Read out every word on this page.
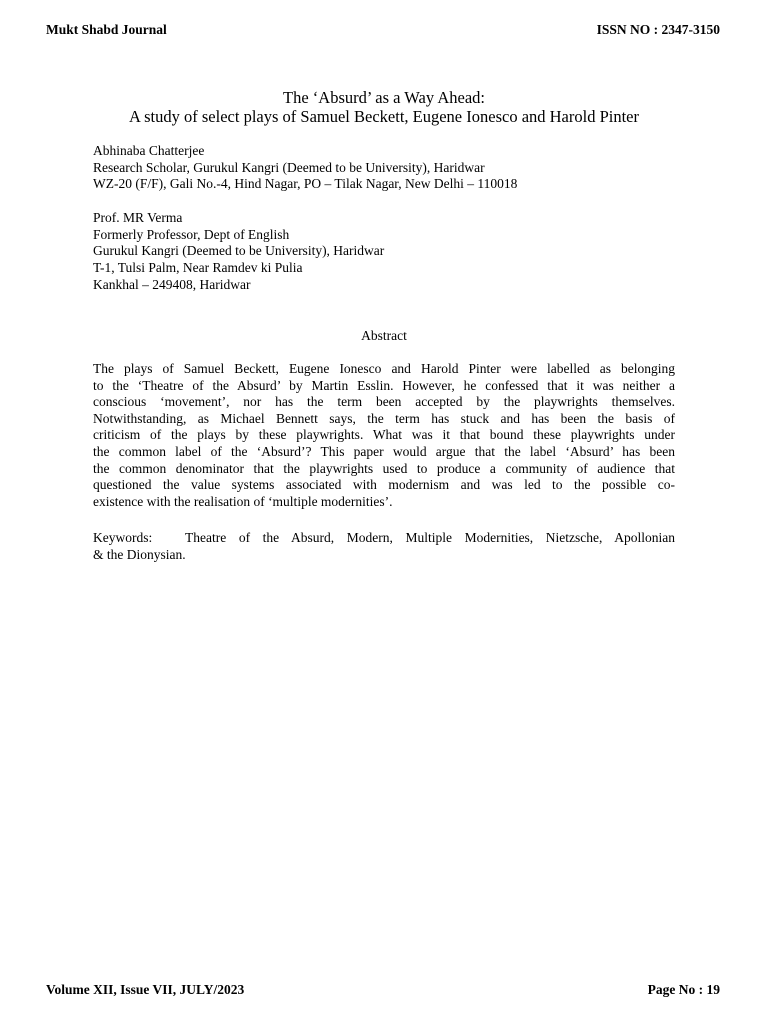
Mukt Shabd Journal	ISSN NO : 2347-3150
The ‘Absurd’ as a Way Ahead:
A study of select plays of Samuel Beckett, Eugene Ionesco and Harold Pinter
Abhinaba Chatterjee
Research Scholar, Gurukul Kangri (Deemed to be University), Haridwar
WZ-20 (F/F), Gali No.-4, Hind Nagar, PO – Tilak Nagar, New Delhi – 110018
Prof. MR Verma
Formerly Professor, Dept of English
Gurukul Kangri (Deemed to be University), Haridwar
T-1, Tulsi Palm, Near Ramdev ki Pulia
Kankhal – 249408, Haridwar
Abstract
The plays of Samuel Beckett, Eugene Ionesco and Harold Pinter were labelled as belonging
to the ‘Theatre of the Absurd’ by Martin Esslin. However, he confessed that it was neither a
conscious ‘movement’, nor has the term been accepted by the playwrights themselves.
Notwithstanding, as Michael Bennett says, the term has stuck and has been the basis of
criticism of the plays by these playwrights. What was it that bound these playwrights under
the common label of the ‘Absurd’? This paper would argue that the label ‘Absurd’ has been
the common denominator that the playwrights used to produce a community of audience that
questioned the value systems associated with modernism and was led to the possible co-
existence with the realisation of ‘multiple modernities’.
Keywords: Theatre of the Absurd, Modern, Multiple Modernities, Nietzsche, Apollonian
& the Dionysian.
Volume XII, Issue VII, JULY/2023	Page No : 19
